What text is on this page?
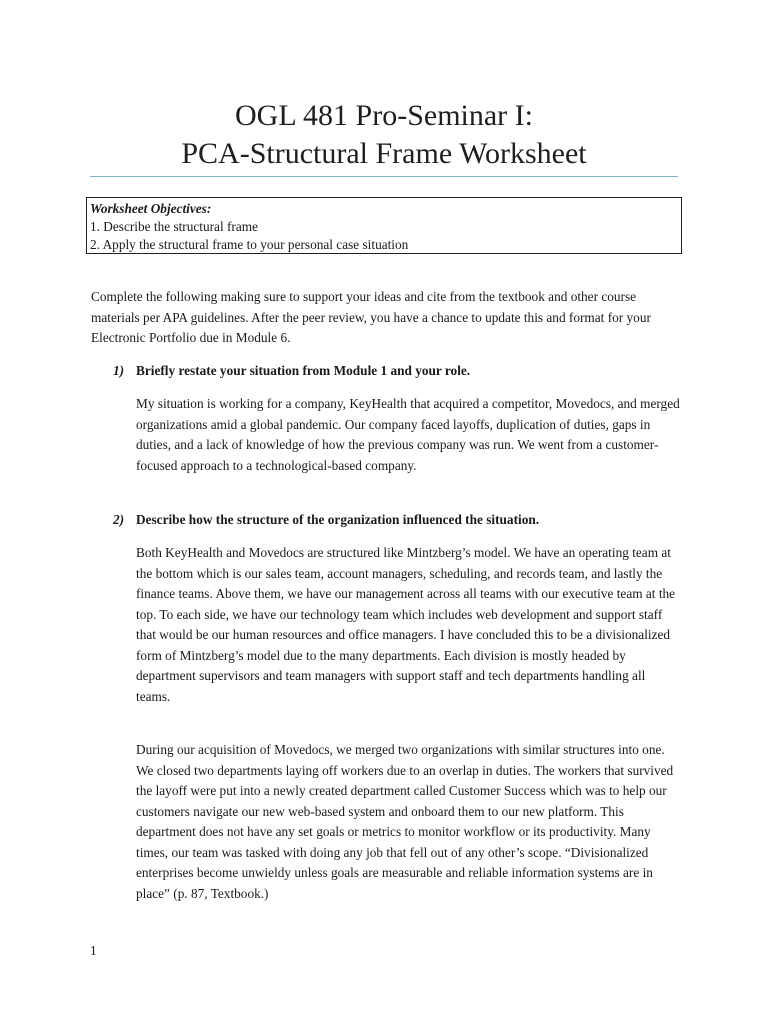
OGL 481 Pro-Seminar I:
PCA-Structural Frame Worksheet
Worksheet Objectives:
1. Describe the structural frame
2. Apply the structural frame to your personal case situation

Complete the following making sure to support your ideas and cite from the textbook and other course materials per APA guidelines. After the peer review, you have a chance to update this and format for your Electronic Portfolio due in Module 6.

1) Briefly restate your situation from Module 1 and your role.

My situation is working for a company, KeyHealth that acquired a competitor, Movedocs, and merged organizations amid a global pandemic. Our company faced layoffs, duplication of duties, gaps in duties, and a lack of knowledge of how the previous company was run. We went from a customer-focused approach to a technological-based company.

2) Describe how the structure of the organization influenced the situation.

Both KeyHealth and Movedocs are structured like Mintzberg’s model. We have an operating team at the bottom which is our sales team, account managers, scheduling, and records team, and lastly the finance teams. Above them, we have our management across all teams with our executive team at the top. To each side, we have our technology team which includes web development and support staff that would be our human resources and office managers. I have concluded this to be a divisionalized form of Mintzberg’s model due to the many departments. Each division is mostly headed by department supervisors and team managers with support staff and tech departments handling all teams.

During our acquisition of Movedocs, we merged two organizations with similar structures into one. We closed two departments laying off workers due to an overlap in duties. The workers that survived the layoff were put into a newly created department called Customer Success which was to help our customers navigate our new web-based system and onboard them to our new platform. This department does not have any set goals or metrics to monitor workflow or its productivity. Many times, our team was tasked with doing any job that fell out of any other’s scope. “Divisionalized enterprises become unwieldy unless goals are measurable and reliable information systems are in place” (p. 87, Textbook.)

1
